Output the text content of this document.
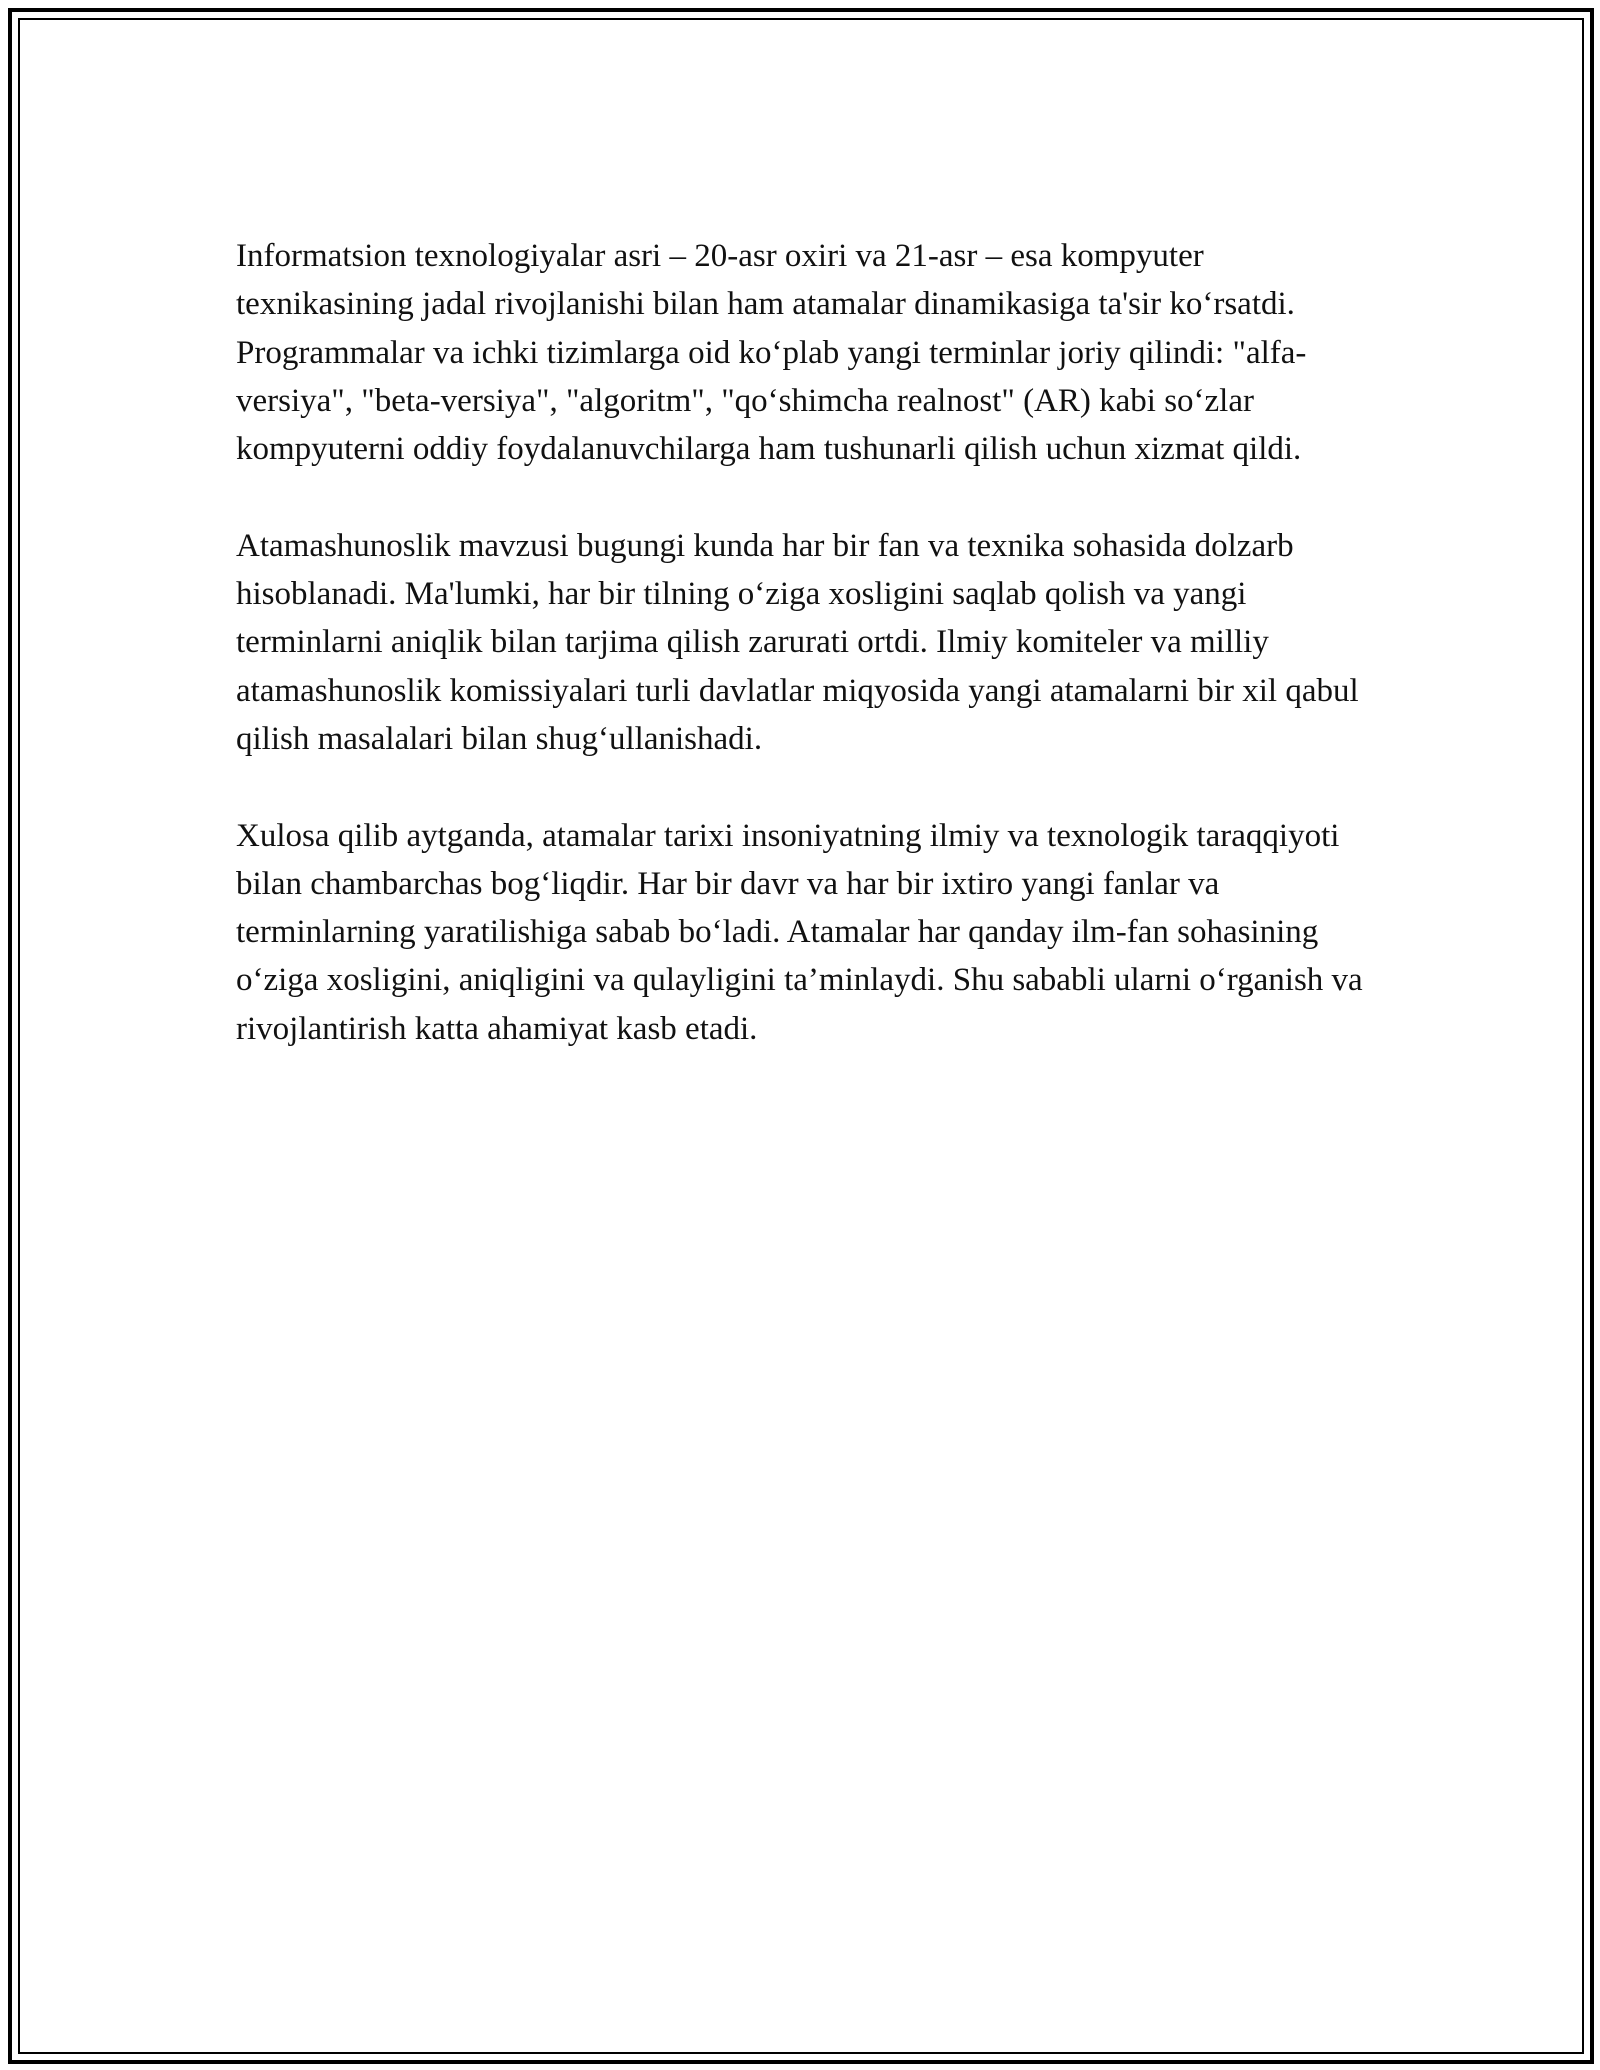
Informatsion texnologiyalar asri – 20-asr oxiri va 21-asr – esa kompyuter texnikasining jadal rivojlanishi bilan ham atamalar dinamikasiga ta'sir ko‘rsatdi. Programmalar va ichki tizimlarga oid ko‘plab yangi terminlar joriy qilindi: "alfa-versiya", "beta-versiya", "algoritm", "qo‘shimcha realnost" (AR) kabi so‘zlar kompyuterni oddiy foydalanuvchilarga ham tushunarli qilish uchun xizmat qildi.

Atamashunoslik mavzusi bugungi kunda har bir fan va texnika sohasida dolzarb hisoblanadi. Ma'lumki, har bir tilning o‘ziga xosligini saqlab qolish va yangi terminlarni aniqlik bilan tarjima qilish zarurati ortdi. Ilmiy komiteler va milliy atamashunoslik komissiyalari turli davlatlar miqyosida yangi atamalarni bir xil qabul qilish masalalari bilan shug‘ullanishadi.

Xulosa qilib aytganda, atamalar tarixi insoniyatning ilmiy va texnologik taraqqiyoti bilan chambarchas bog‘liqdir. Har bir davr va har bir ixtiro yangi fanlar va terminlarning yaratilishiga sabab bo‘ladi. Atamalar har qanday ilm-fan sohasining o‘ziga xosligini, aniqligini va qulayligini ta’minlaydi. Shu sababli ularni o‘rganish va rivojlantirish katta ahamiyat kasb etadi.
